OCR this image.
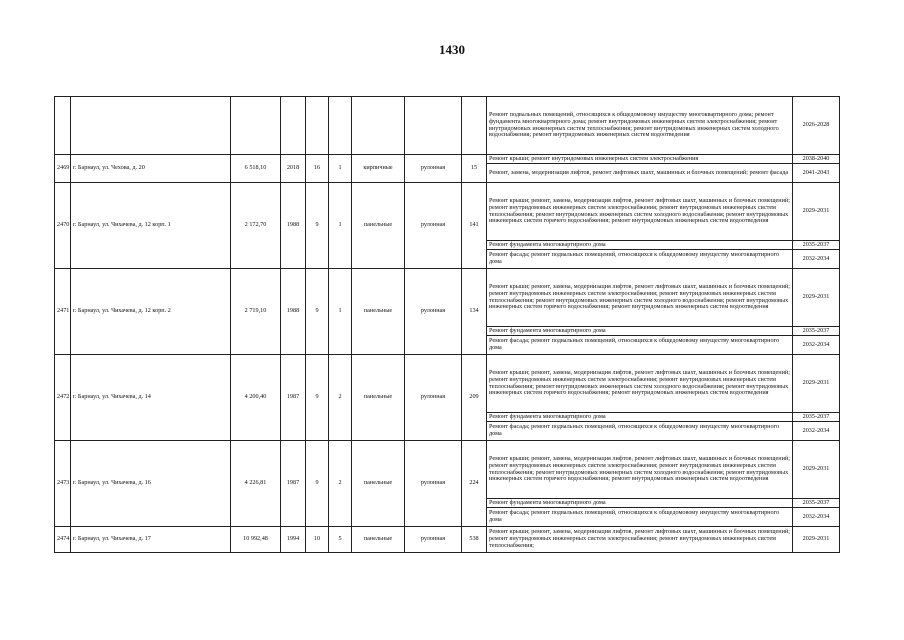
1430
									Ремонт подвальных помещений, относящихся к общедомовому имуществу многоквартирного дома; ремонт фундамента многоквартирного дома; ремонт внутридомовых инженерных систем электроснабжения; ремонт внутридомовых инженерных систем теплоснабжения; ремонт внутридомовых инженерных систем холодного водоснабжения; ремонт внутридомовых инженерных систем водоотведения	2026-2028
2469	г. Барнаул, ул. Чехова, д. 20	6 518,10	2018	16	1	кирпичные	рулонная	15	Ремонт крыши; ремонт внутридомовых инженерных систем электроснабжения	2038-2040
									Ремонт, замена, модернизация лифтов, ремонт лифтовых шахт, машинных и блочных помещений; ремонт фасада	2041-2043
2470	г. Барнаул, ул. Чихачева, д. 12 корп. 1	2 172,70	1988	9	1	панельные	рулонная	141	Ремонт крыши; ремонт, замена, модернизация лифтов, ремонт лифтовых шахт, машинных и блочных помещений; ремонт внутридомовых инженерных систем электроснабжения; ремонт внутридомовых инженерных систем теплоснабжения; ремонт внутридомовых инженерных систем холодного водоснабжения; ремонт внутридомовых инженерных систем горячего водоснабжения; ремонт внутридомовых инженерных систем водоотведения	2029-2031
									Ремонт фундамента многоквартирного дома	2035-2037
									Ремонт фасада; ремонт подвальных помещений, относящихся к общедомовому имуществу многоквартирного дома	2032-2034
2471	г. Барнаул, ул. Чихачева, д. 12 корп. 2	2 719,10	1988	9	1	панельные	рулонная	134	Ремонт крыши; ремонт, замена, модернизация лифтов, ремонт лифтовых шахт, машинных и блочных помещений; ремонт внутридомовых инженерных систем электроснабжения; ремонт внутридомовых инженерных систем теплоснабжения; ремонт внутридомовых инженерных систем холодного водоснабжения; ремонт внутридомовых инженерных систем горячего водоснабжения; ремонт внутридомовых инженерных систем водоотведения	2029-2031
									Ремонт фундамента многоквартирного дома	2035-2037
									Ремонт фасада; ремонт подвальных помещений, относящихся к общедомовому имуществу многоквартирного дома	2032-2034
2472	г. Барнаул, ул. Чихачева, д. 14	4 200,40	1987	9	2	панельные	рулонная	209	Ремонт крыши; ремонт, замена, модернизация лифтов, ремонт лифтовых шахт, машинных и блочных помещений; ремонт внутридомовых инженерных систем электроснабжения; ремонт внутридомовых инженерных систем теплоснабжения; ремонт внутридомовых инженерных систем холодного водоснабжения; ремонт внутридомовых инженерных систем горячего водоснабжения; ремонт внутридомовых инженерных систем водоотведения	2029-2031
									Ремонт фундамента многоквартирного дома	2035-2037
									Ремонт фасада; ремонт подвальных помещений, относящихся к общедомовому имуществу многоквартирного дома	2032-2034
2473	г. Барнаул, ул. Чихачева, д. 16	4 226,81	1987	9	2	панельные	рулонная	224	Ремонт крыши; ремонт, замена, модернизация лифтов, ремонт лифтовых шахт, машинных и блочных помещений; ремонт внутридомовых инженерных систем электроснабжения; ремонт внутридомовых инженерных систем теплоснабжения; ремонт внутридомовых инженерных систем холодного водоснабжения; ремонт внутридомовых инженерных систем горячего водоснабжения; ремонт внутридомовых инженерных систем водоотведения	2029-2031
									Ремонт фундамента многоквартирного дома	2035-2037
									Ремонт фасада; ремонт подвальных помещений, относящихся к общедомовому имуществу многоквартирного дома	2032-2034
2474	г. Барнаул, ул. Чихачева, д. 17	10 992,48	1994	10	5	панельные	рулонная	538	Ремонт крыши; ремонт, замена, модернизация лифтов, ремонт лифтовых шахт, машинных и блочных помещений; ремонт внутридомовых инженерных систем электроснабжения; ремонт внутридомовых инженерных систем теплоснабжения;	2029-2031
